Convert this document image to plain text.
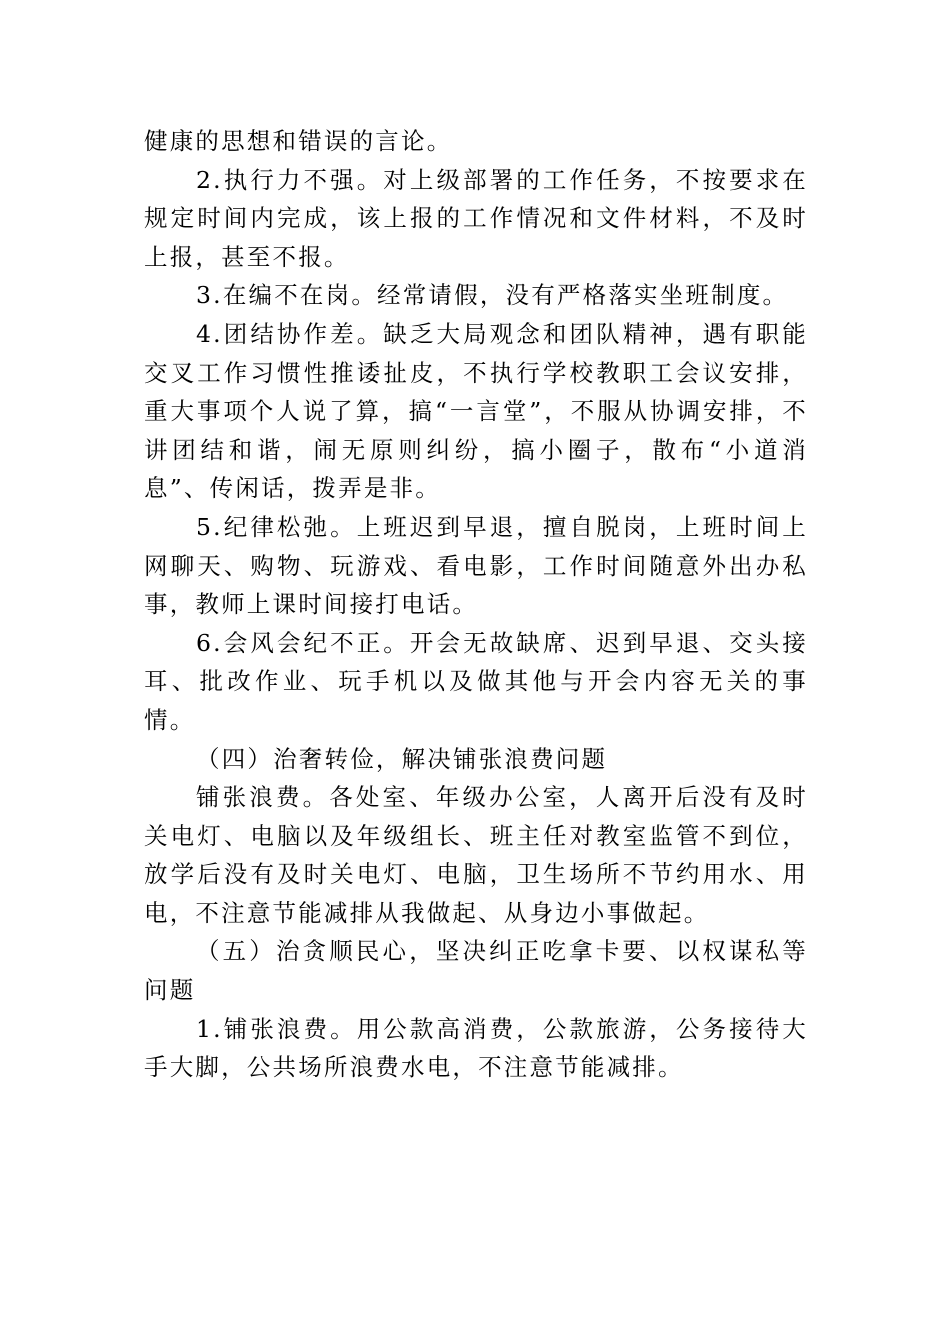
健康的思想和错误的言论。

2.执行力不强。对上级部署的工作任务，不按要求在规定时间内完成，该上报的工作情况和文件材料，不及时上报，甚至不报。

3.在编不在岗。经常请假，没有严格落实坐班制度。

4.团结协作差。缺乏大局观念和团队精神，遇有职能交叉工作习惯性推诿扯皮，不执行学校教职工会议安排，重大事项个人说了算，搞“一言堂”，不服从协调安排，不讲团结和谐，闹无原则纠纷，搞小圈子，散布“小道消息”、传闲话，拨弄是非。

5.纪律松弛。上班迟到早退，擅自脱岗，上班时间上网聊天、购物、玩游戏、看电影，工作时间随意外出办私事，教师上课时间接打电话。

6.会风会纪不正。开会无故缺席、迟到早退、交头接耳、批改作业、玩手机以及做其他与开会内容无关的事情。

（四）治奢转俭，解决铺张浪费问题

铺张浪费。各处室、年级办公室，人离开后没有及时关电灯、电脑以及年级组长、班主任对教室监管不到位，放学后没有及时关电灯、电脑，卫生场所不节约用水、用电，不注意节能减排从我做起、从身边小事做起。

（五）治贪顺民心，坚决纠正吃拿卡要、以权谋私等问题

1.铺张浪费。用公款高消费，公款旅游，公务接待大手大脚，公共场所浪费水电，不注意节能减排。
